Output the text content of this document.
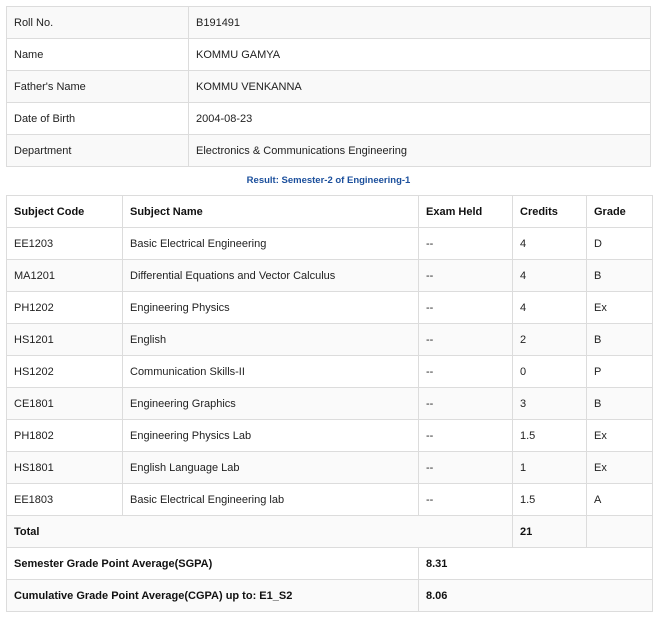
Roll No.	B191491
Name	KOMMU GAMYA
Father's Name	KOMMU VENKANNA
Date of Birth	2004-08-23
Department	Electronics & Communications Engineering
Result: Semester-2 of Engineering-1
Subject Code	Subject Name	Exam Held	Credits	Grade
EE1203	Basic Electrical Engineering	--	4	D
MA1201	Differential Equations and Vector Calculus	--	4	B
PH1202	Engineering Physics	--	4	Ex
HS1201	English	--	2	B
HS1202	Communication Skills-II	--	0	P
CE1801	Engineering Graphics	--	3	B
PH1802	Engineering Physics Lab	--	1.5	Ex
HS1801	English Language Lab	--	1	Ex
EE1803	Basic Electrical Engineering lab	--	1.5	A
Total			21	
Semester Grade Point Average(SGPA)		8.31		
Cumulative Grade Point Average(CGPA) up to: E1_S2		8.06		
